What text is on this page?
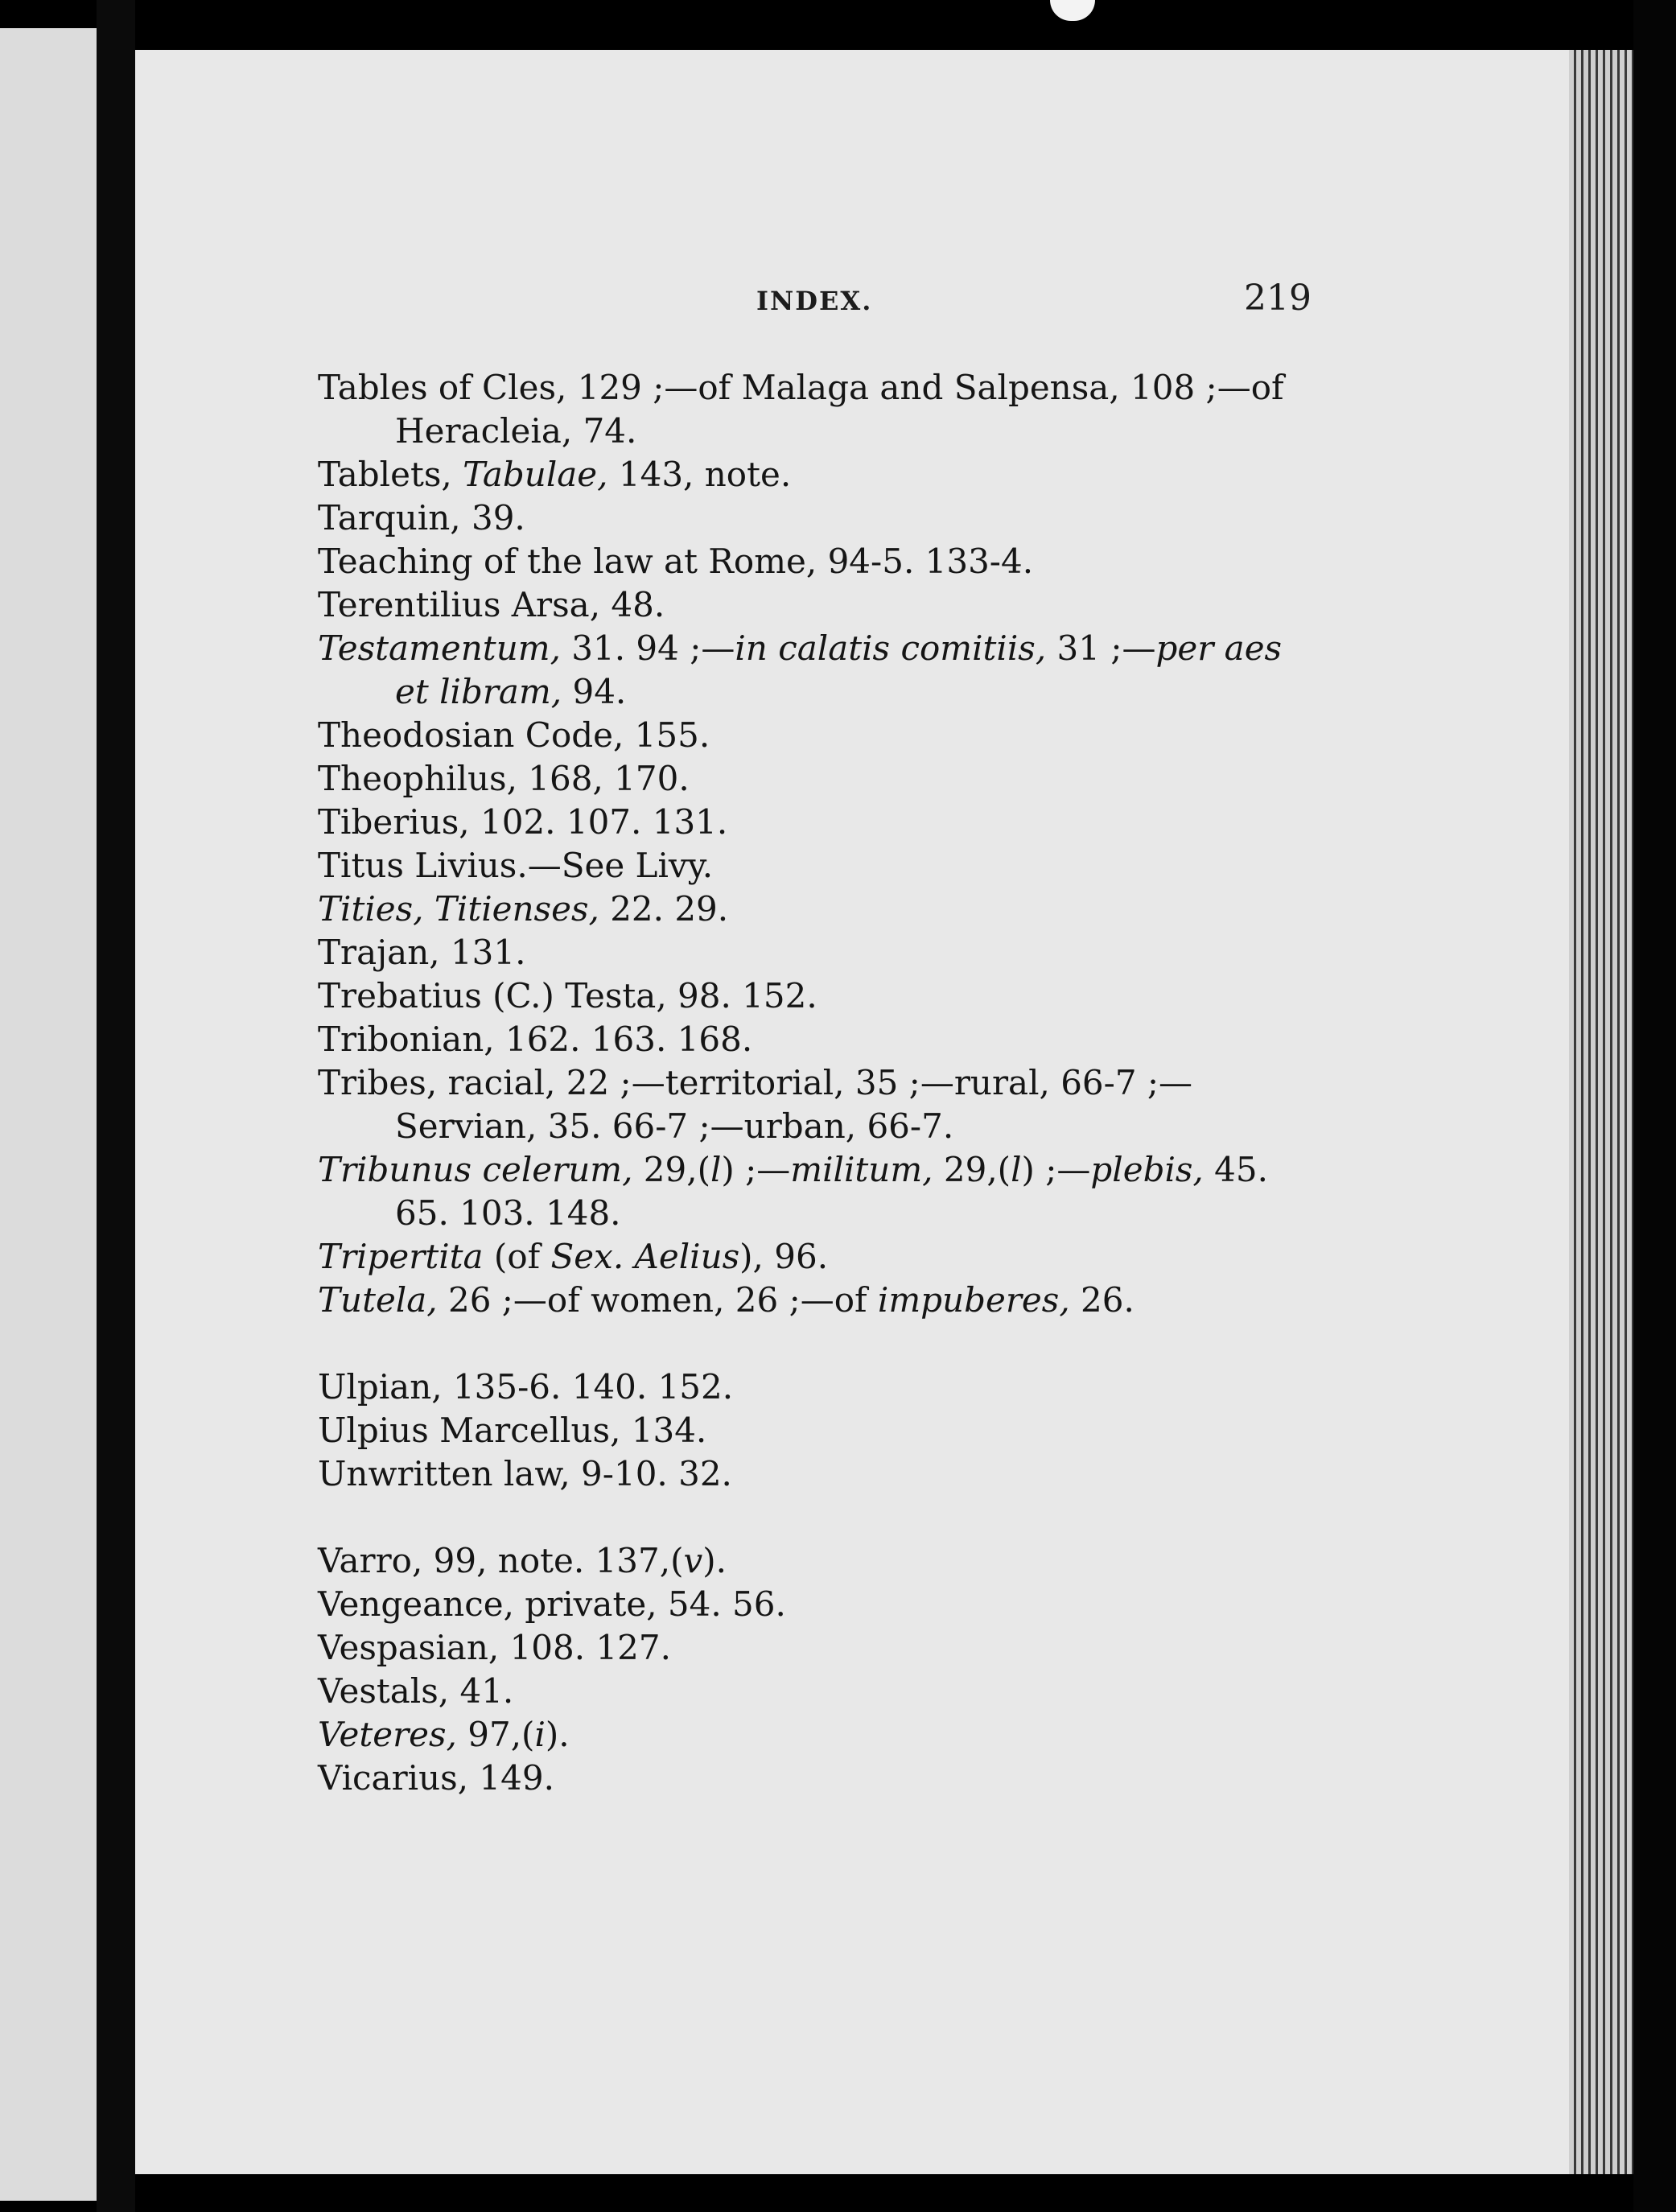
INDEX.	219

Tables of Cles, 129 ;—of Malaga and Salpensa, 108 ;—of Heracleia, 74.

Tablets, Tabulae, 143, note.

Tarquin, 39.

Teaching of the law at Rome, 94-5. 133-4.

Terentilius Arsa, 48.

Testamentum, 31. 94 ;—in calatis comitiis, 31 ;—per aes et libram, 94.

Theodosian Code, 155.

Theophilus, 168, 170.

Tiberius, 102. 107. 131.

Titus Livius.—See Livy.

Tities, Titienses, 22. 29.

Trajan, 131.

Trebatius (C.) Testa, 98. 152.

Tribonian, 162. 163. 168.

Tribes, racial, 22 ;—territorial, 35 ;—rural, 66-7 ;—Servian, 35. 66-7 ;—urban, 66-7.

Tribunus celerum, 29,(l) ;—militum, 29,(l) ;—plebis, 45. 65. 103. 148.

Tripertita (of Sex. Aelius), 96.

Tutela, 26 ;—of women, 26 ;—of impuberes, 26.

Ulpian, 135-6. 140. 152.

Ulpius Marcellus, 134.

Unwritten law, 9-10. 32.

Varro, 99, note. 137,(v).

Vengeance, private, 54. 56.

Vespasian, 108. 127.

Vestals, 41.

Veteres, 97,(i).

Vicarius, 149.
